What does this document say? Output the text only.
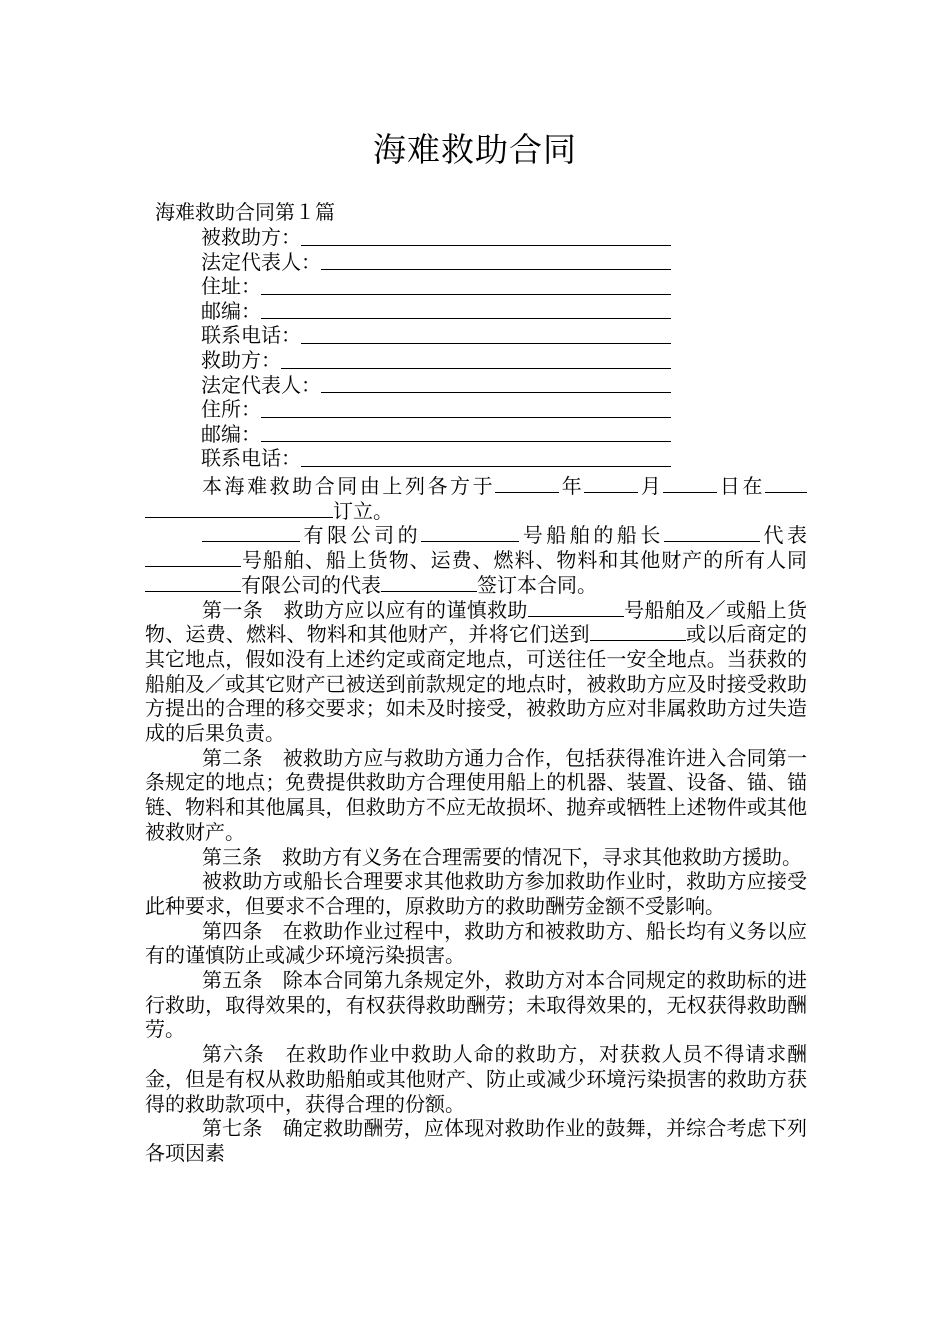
海难救助合同
海难救助合同第１篇
被救助方：
法定代表人：
住址：
邮编：
联系电话：
救助方：
法定代表人：
住所：
邮编：
联系电话：

本海难救助合同由上列各方于	年	月	日在订立。

有限公司的	号船舶的船长	代表号船舶、船上货物、运费、燃料、物料和其他财产的所有人同有限公司的代表	签订本合同。

第一条　 救助方应以应有的谨慎救助	号船舶及／或船上货物、运费、燃料、物料和其他财产，并将它们送到	或以后商定的其它地点，假如没有上述约定或商定地点，可送往任一安全地点。当获救的船舶及／或其它财产已被送到前款规定的地点时，被救助方应及时接受救助方提出的合理的移交要求；如未及时接受，被救助方应对非属救助方过失造成的后果负责。

第二条　 被救助方应与救助方通力合作，包括获得准许进入合同第一条规定的地点；免费提供救助方合理使用船上的机器、装置、设备、锚、锚链、物料和其他属具，但救助方不应无故损坏、抛弃或牺牲上述物件或其他被救财产。

第三条　 救助方有义务在合理需要的情况下，寻求其他救助方援助。

被救助方或船长合理要求其他救助方参加救助作业时，救助方应接受此种要求，但要求不合理的，原救助方的救助酬劳金额不受影响。

第四条　 在救助作业过程中，救助方和被救助方、船长均有义务以应有的谨慎防止或减少环境污染损害。

第五条　 除本合同第九条规定外，救助方对本合同规定的救助标的进行救助，取得效果的，有权获得救助酬劳；未取得效果的，无权获得救助酬劳。

第六条　 在救助作业中救助人命的救助方，对获救人员不得请求酬金，但是有权从救助船舶或其他财产、防止或减少环境污染损害的救助方获得的救助款项中，获得合理的份额。

第七条　 确定救助酬劳，应体现对救助作业的鼓舞，并综合考虑下列各项因素
